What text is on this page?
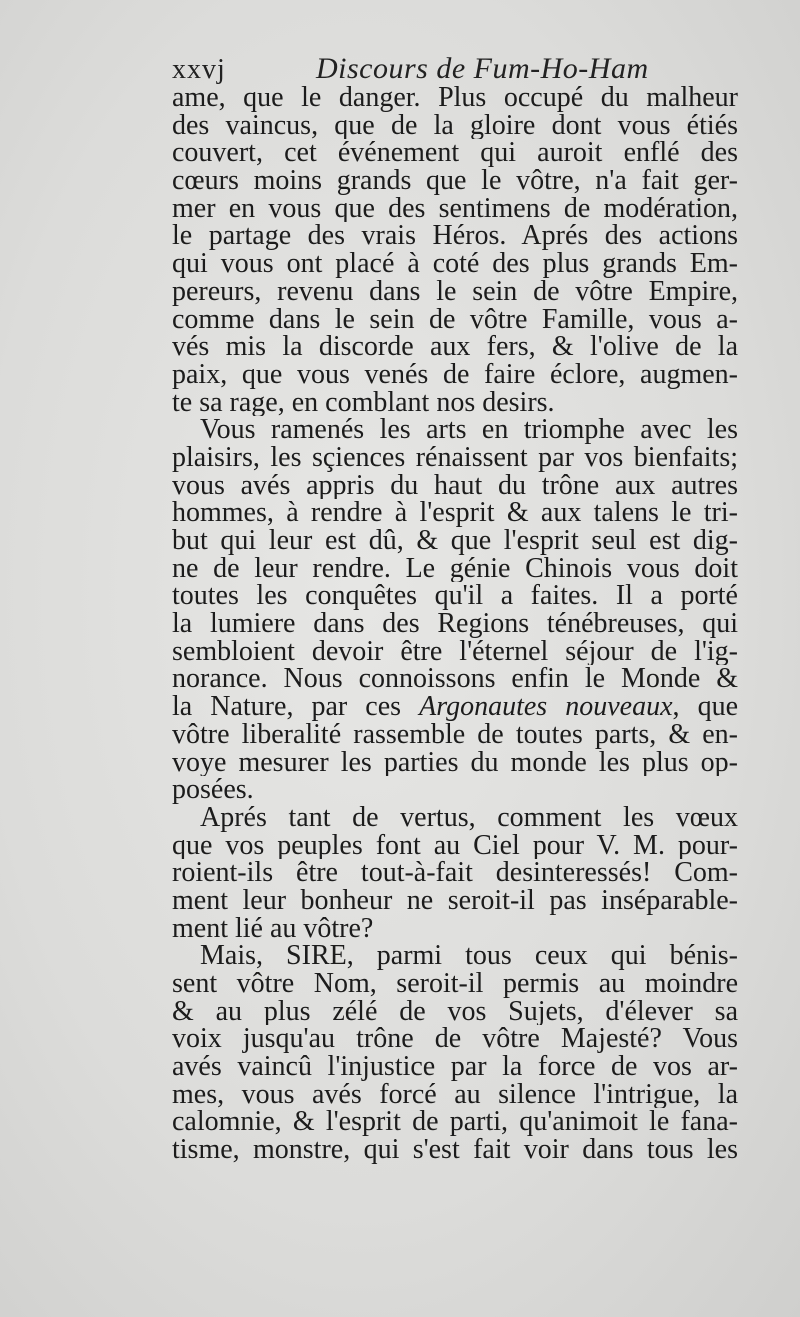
xxvj	Discours de Fum-Ho-Ham
ame, que le danger. Plus occupé du malheur
des vaincus, que de la gloire dont vous étiés
couvert, cet événement qui auroit enflé des
cœurs moins grands que le vôtre, n'a fait ger-
mer en vous que des sentimens de modération,
le partage des vrais Héros. Aprés des actions
qui vous ont placé à coté des plus grands Em-
pereurs, revenu dans le sein de vôtre Empire,
comme dans le sein de vôtre Famille, vous a-
vés mis la discorde aux fers, & l'olive de la
paix, que vous venés de faire éclore, augmen-
te sa rage, en comblant nos desirs.
Vous ramenés les arts en triomphe avec les
plaisirs, les sçiences rénaissent par vos bienfaits;
vous avés appris du haut du trône aux autres
hommes, à rendre à l'esprit & aux talens le tri-
but qui leur est dû, & que l'esprit seul est dig-
ne de leur rendre. Le génie Chinois vous doit
toutes les conquêtes qu'il a faites. Il a porté
la lumiere dans des Regions ténébreuses, qui
sembloient devoir être l'éternel séjour de l'ig-
norance. Nous connoissons enfin le Monde &
la Nature, par ces Argonautes nouveaux, que
vôtre liberalité rassemble de toutes parts, & en-
voye mesurer les parties du monde les plus op-
posées.
Aprés tant de vertus, comment les vœux
que vos peuples font au Ciel pour V. M. pour-
roient-ils être tout-à-fait desinteressés! Com-
ment leur bonheur ne seroit-il pas inséparable-
ment lié au vôtre?
Mais, SIRE, parmi tous ceux qui bénis-
sent vôtre Nom, seroit-il permis au moindre
& au plus zélé de vos Sujets, d'élever sa
voix jusqu'au trône de vôtre Majesté? Vous
avés vaincû l'injustice par la force de vos ar-
mes, vous avés forcé au silence l'intrigue, la
calomnie, & l'esprit de parti, qu'animoit le fana-
tisme, monstre, qui s'est fait voir dans tous les
